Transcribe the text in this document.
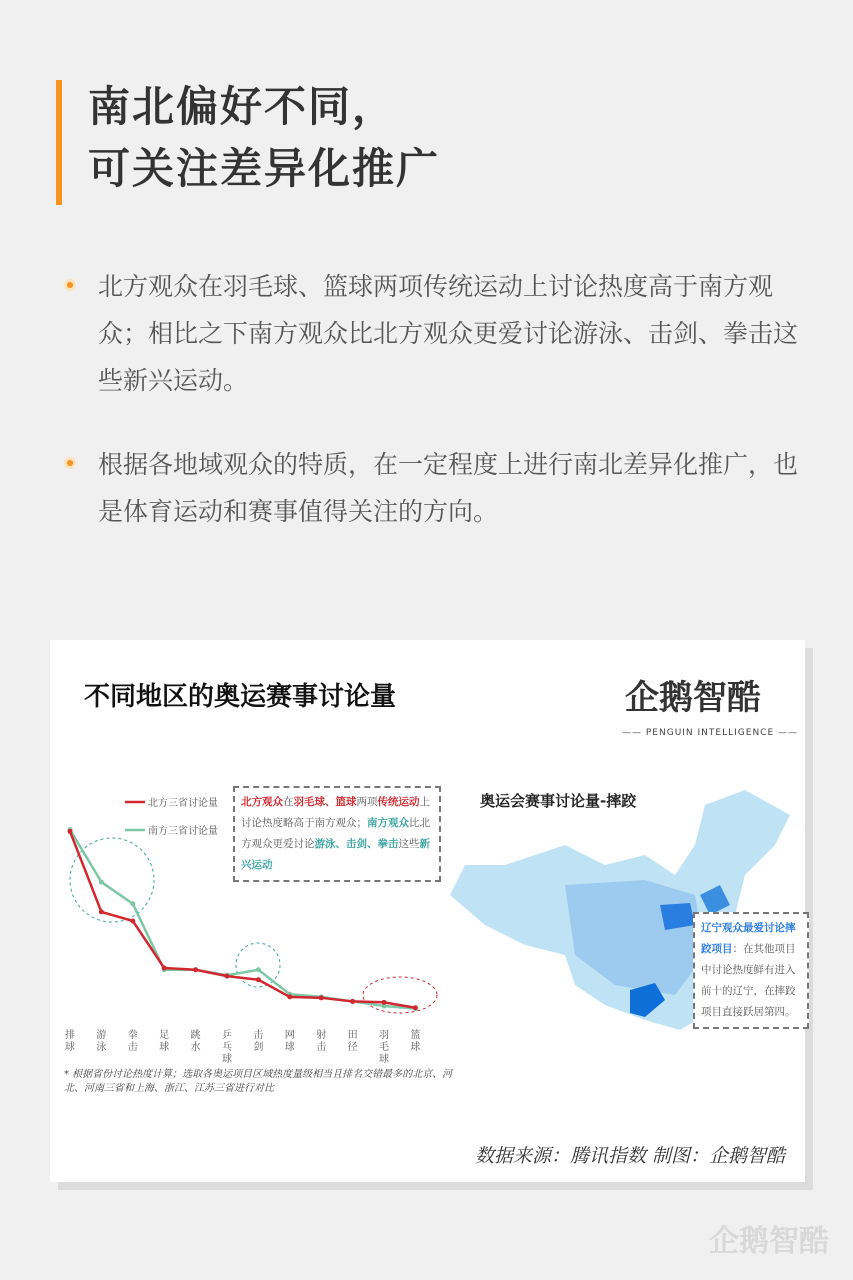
南北偏好不同，
可关注差异化推广
北方观众在羽毛球、篮球两项传统运动上讨论热度高于南方观众；相比之下南方观众比北方观众更爱讨论游泳、击剑、拳击这些新兴运动。
根据各地域观众的特质，在一定程度上进行南北差异化推广，也是体育运动和赛事值得关注的方向。
不同地区的奥运赛事讨论量	企鹅智酷
—— PENGUIN INTELLIGENCE ——
北方三省讨论量
南方三省讨论量
排
球
游
泳
拳
击
足
球
跳
水
乒
乓
球
击
剑
网
球
射
击
田
径
羽
毛
球
篮
球
北方观众在羽毛球、篮球两项传统运动上讨论热度略高于南方观众；南方观众比北方观众更爱讨论游泳、击剑、拳击这些新兴运动
* 根据省份讨论热度计算；选取各奥运项目区域热度量级相当且排名交错最多的北京、河北、河南三省和上海、浙江、江苏三省进行对比
奥运会赛事讨论量-摔跤
辽宁观众最爱讨论摔跤项目：在其他项目中讨论热度鲜有进入前十的辽宁，在摔跤项目直接跃居第四。
数据来源：腾讯指数 制图：企鹅智酷
企鹅智酷
